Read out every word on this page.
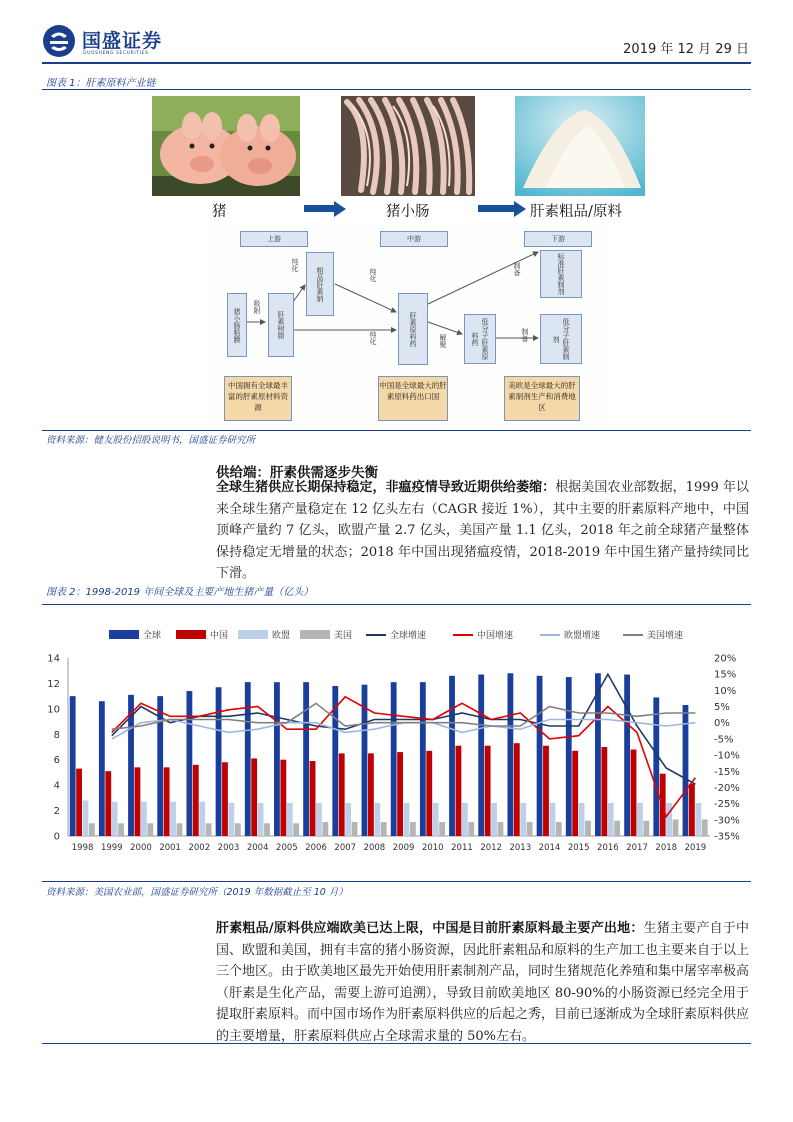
国盛证券
GUOSHENG SECURITIES	2019 年 12 月 29 日
图表 1：肝素原料产业链
猪	猪小肠	肝素粗品/原料
上游	中游	下游
猪小肠粘膜	肝素树脂
粗品肝素钠
肝素原料药	低分子肝素原料药
标准肝素制剂
低分子肝素制剂
吸附
纯化
纯化
纯化	解聚
制备
制备
中国拥有全球最丰富的肝素原材料资源
中国是全球最大的肝素原料药出口国
美欧是全球最大的肝素制剂生产和消费地区
资料来源：健友股份招股说明书，国盛证券研究所
供给端：肝素供需逐步失衡
全球生猪供应长期保持稳定，非瘟疫情导致近期供给萎缩：根据美国农业部数据，1999 年以来全球生猪产量稳定在 12 亿头左右（CAGR 接近 1%），其中主要的肝素原料产地中，中国顶峰产量约 7 亿头，欧盟产量 2.7 亿头，美国产量 1.1 亿头，2018 年之前全球猪产量整体保持稳定无增量的状态；2018 年中国出现猪瘟疫情，2018-2019 年中国生猪产量持续同比下滑。
图表 2：1998-2019 年间全球及主要产地生猪产量（亿头）
全球	中国	欧盟	美国	全球增速	中国增速	欧盟增速	美国增速
0
2
4
6
8
10
12
14	20%
15%
10%
5%
0%
-5%
-10%
-15%
-20%
-25%
-30%
-35%
1998 1999 2000 2001 2002 2003 2004 2005 2006 2007 2008 2009 2010 2011 2012 2013 2014 2015 2016 2017 2018 2019
资料来源：美国农业部，国盛证券研究所（2019 年数据截止至 10 月）
肝素粗品/原料供应端欧美已达上限，中国是目前肝素原料最主要产出地：生猪主要产自于中国、欧盟和美国，拥有丰富的猪小肠资源，因此肝素粗品和原料的生产加工也主要来自于以上三个地区。由于欧美地区最先开始使用肝素制剂产品，同时生猪规范化养殖和集中屠宰率极高（肝素是生化产品，需要上游可追溯），导致目前欧美地区 80-90%的小肠资源已经完全用于提取肝素原料。而中国市场作为肝素原料供应的后起之秀，目前已逐渐成为全球肝素原料供应的主要增量，肝素原料供应占全球需求量的 50%左右。
